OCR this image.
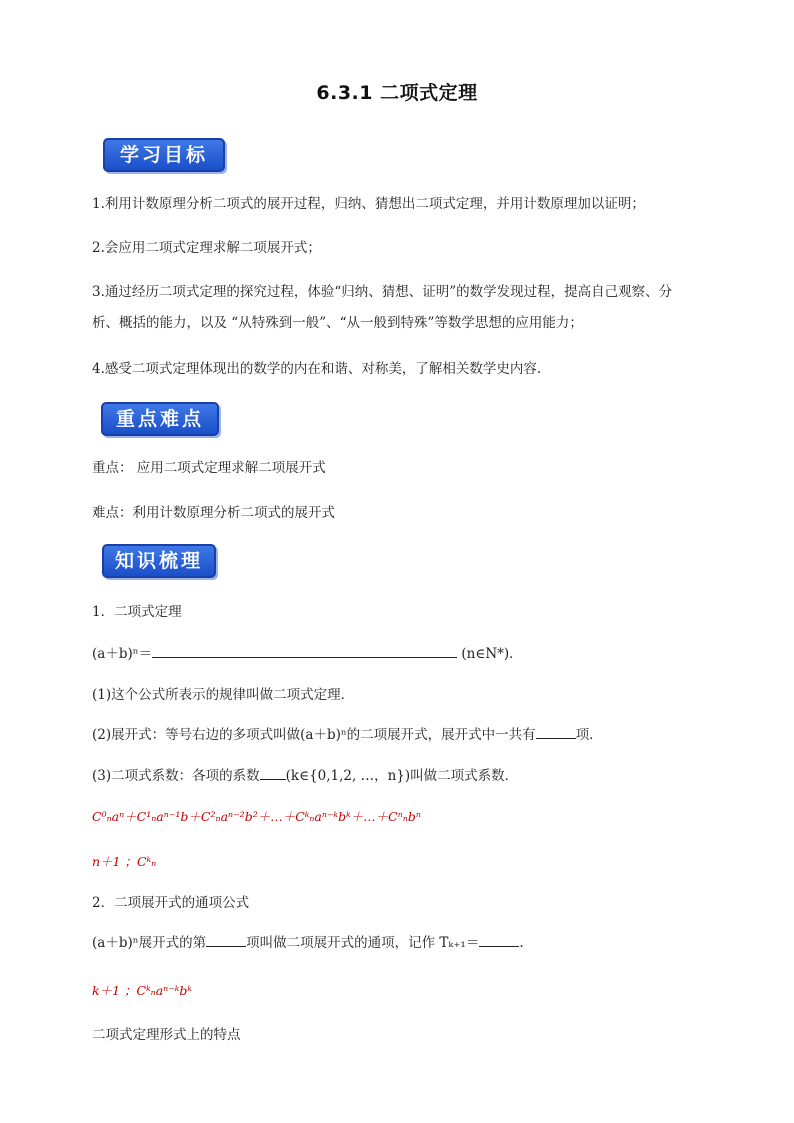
6.3.1 二项式定理
学习目标
1.利用计数原理分析二项式的展开过程，归纳、猜想出二项式定理，并用计数原理加以证明；
2.会应用二项式定理求解二项展开式；
3.通过经历二项式定理的探究过程，体验“归纳、猜想、证明”的数学发现过程，提高自己观察、分析、概括的能力，以及 “从特殊到一般”、“从一般到特殊”等数学思想的应用能力；
4.感受二项式定理体现出的数学的内在和谐、对称美，了解相关数学史内容.
重点难点
重点： 应用二项式定理求解二项展开式
难点：利用计数原理分析二项式的展开式
知识梳理
1．二项式定理
(a＋b)ⁿ＝	(n∈N*)．
(1)这个公式所表示的规律叫做二项式定理．
(2)展开式：等号右边的多项式叫做(a＋b)ⁿ的二项展开式，展开式中一共有	项．
(3)二项式系数：各项的系数 (k∈{0,1,2, …，n})叫做二项式系数．
C⁰ₙaⁿ＋C¹ₙaⁿ⁻¹b＋C²ₙaⁿ⁻²b²＋…＋Cᵏₙaⁿ⁻ᵏbᵏ＋…＋Cⁿₙbⁿ
n＋1 ；Cᵏₙ
2．二项展开式的通项公式
(a＋b)ⁿ展开式的第	项叫做二项展开式的通项，记作 Tₖ₊₁＝	.
k＋1 ；Cᵏₙaⁿ⁻ᵏbᵏ
二项式定理形式上的特点
